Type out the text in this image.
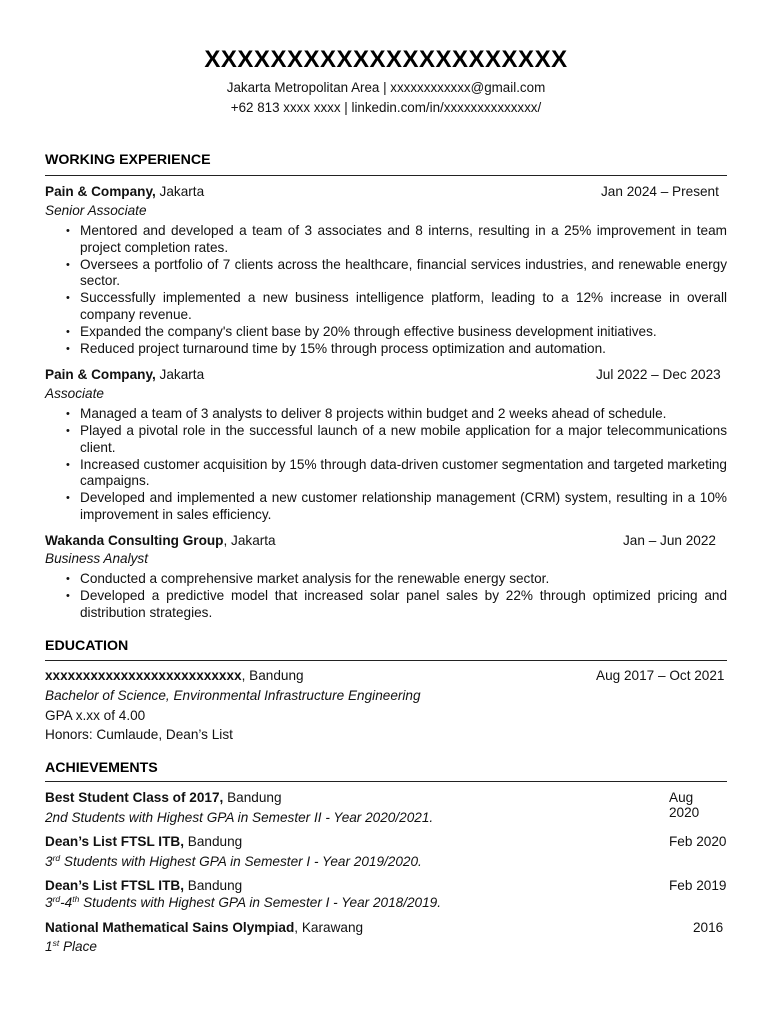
XXXXXXXXXXXXXXXXXXXXXX
Jakarta Metropolitan Area | xxxxxxxxxxxx@gmail.com
+62 813 xxxx xxxx | linkedin.com/in/xxxxxxxxxxxxxx/
WORKING EXPERIENCE
Pain & Company, Jakarta	Jan 2024 – Present
Senior Associate
• Mentored and developed a team of 3 associates and 8 interns, resulting in a 25% improvement in team project completion rates.
• Oversees a portfolio of 7 clients across the healthcare, financial services industries, and renewable energy sector.
• Successfully implemented a new business intelligence platform, leading to a 12% increase in overall company revenue.
• Expanded the company's client base by 20% through effective business development initiatives.
• Reduced project turnaround time by 15% through process optimization and automation.
Pain & Company, Jakarta	Jul 2022 – Dec 2023
Associate
• Managed a team of 3 analysts to deliver 8 projects within budget and 2 weeks ahead of schedule.
• Played a pivotal role in the successful launch of a new mobile application for a major telecommunications client.
• Increased customer acquisition by 15% through data-driven customer segmentation and targeted marketing campaigns.
• Developed and implemented a new customer relationship management (CRM) system, resulting in a 10% improvement in sales efficiency.
Wakanda Consulting Group, Jakarta	Jan – Jun 2022
Business Analyst
• Conducted a comprehensive market analysis for the renewable energy sector.
• Developed a predictive model that increased solar panel sales by 22% through optimized pricing and distribution strategies.
EDUCATION
xxxxxxxxxxxxxxxxxxxxxxxxxx, Bandung	Aug 2017 – Oct 2021
Bachelor of Science, Environmental Infrastructure Engineering
GPA x.xx of 4.00
Honors: Cumlaude, Dean’s List
ACHIEVEMENTS
Best Student Class of 2017, Bandung	Aug 2020
2nd Students with Highest GPA in Semester II - Year 2020/2021.
Dean’s List FTSL ITB, Bandung	Feb 2020
3rd Students with Highest GPA in Semester I - Year 2019/2020.
Dean’s List FTSL ITB, Bandung	Feb 2019
3rd-4th Students with Highest GPA in Semester I - Year 2018/2019.
National Mathematical Sains Olympiad, Karawang	2016
1st Place
